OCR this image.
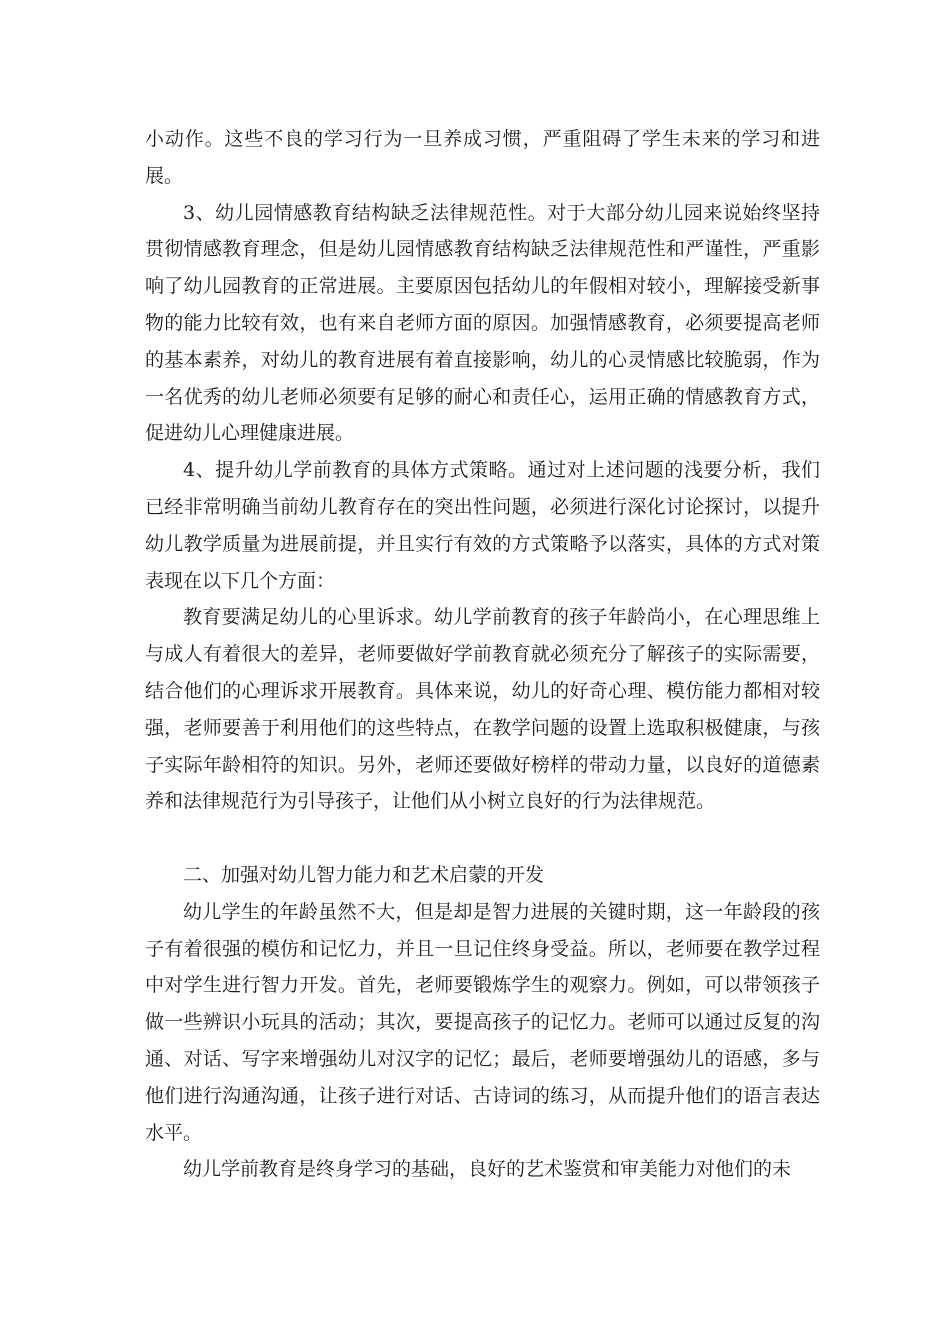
小动作。这些不良的学习行为一旦养成习惯，严重阻碍了学生未来的学习和进展。

3、幼儿园情感教育结构缺乏法律规范性。对于大部分幼儿园来说始终坚持贯彻情感教育理念，但是幼儿园情感教育结构缺乏法律规范性和严谨性，严重影响了幼儿园教育的正常进展。主要原因包括幼儿的年假相对较小，理解接受新事物的能力比较有效，也有来自老师方面的原因。加强情感教育，必须要提高老师的基本素养，对幼儿的教育进展有着直接影响，幼儿的心灵情感比较脆弱，作为一名优秀的幼儿老师必须要有足够的耐心和责任心，运用正确的情感教育方式，促进幼儿心理健康进展。

4、提升幼儿学前教育的具体方式策略。通过对上述问题的浅要分析，我们已经非常明确当前幼儿教育存在的突出性问题，必须进行深化讨论探讨，以提升幼儿教学质量为进展前提，并且实行有效的方式策略予以落实，具体的方式对策表现在以下几个方面：

教育要满足幼儿的心里诉求。幼儿学前教育的孩子年龄尚小，在心理思维上与成人有着很大的差异，老师要做好学前教育就必须充分了解孩子的实际需要，结合他们的心理诉求开展教育。具体来说，幼儿的好奇心理、模仿能力都相对较强，老师要善于利用他们的这些特点，在教学问题的设置上选取积极健康，与孩子实际年龄相符的知识。另外，老师还要做好榜样的带动力量，以良好的道德素养和法律规范行为引导孩子，让他们从小树立良好的行为法律规范。

二、加强对幼儿智力能力和艺术启蒙的开发

幼儿学生的年龄虽然不大，但是却是智力进展的关键时期，这一年龄段的孩子有着很强的模仿和记忆力，并且一旦记住终身受益。所以，老师要在教学过程中对学生进行智力开发。首先，老师要锻炼学生的观察力。例如，可以带领孩子做一些辨识小玩具的活动；其次，要提高孩子的记忆力。老师可以通过反复的沟通、对话、写字来增强幼儿对汉字的记忆；最后，老师要增强幼儿的语感，多与他们进行沟通沟通，让孩子进行对话、古诗词的练习，从而提升他们的语言表达水平。

幼儿学前教育是终身学习的基础，良好的艺术鉴赏和审美能力对他们的未
